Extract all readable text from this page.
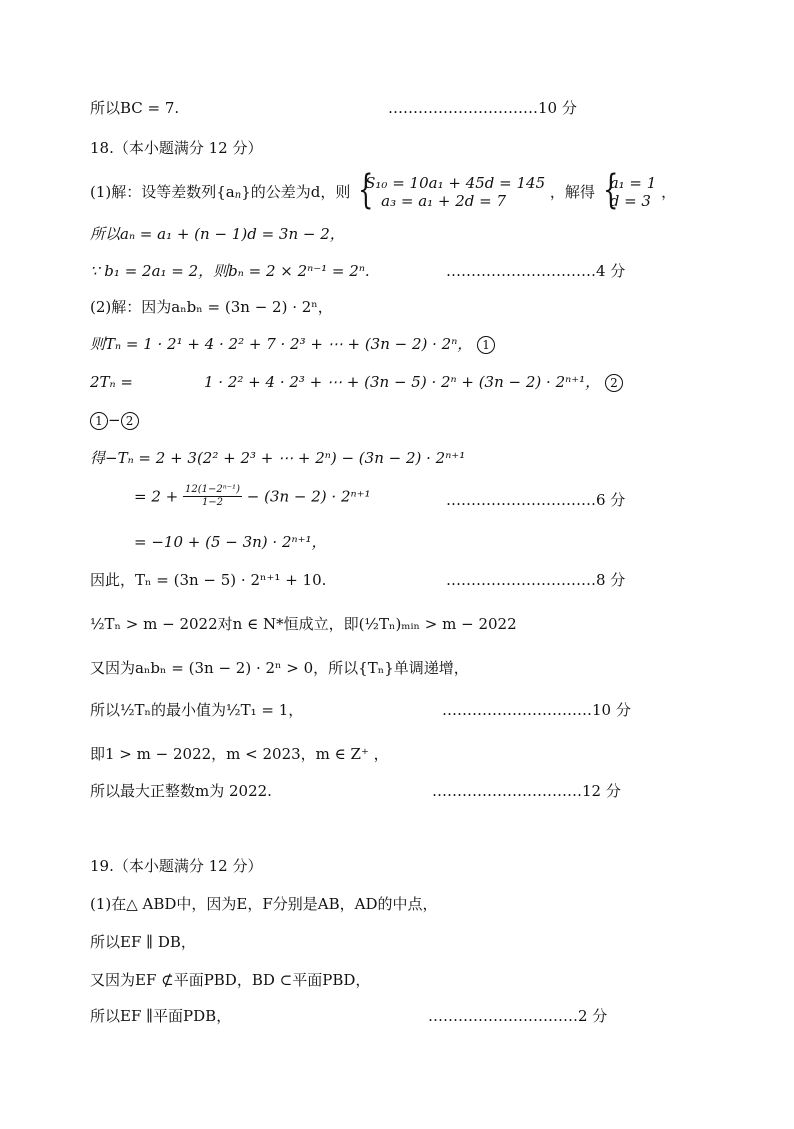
所以BC = 7.	…………………………10 分
18.（本小题满分 12 分）
(1)解：设等差数列$\{a_n\}$的公差为d，则 { S₁₀ = 10a₁ + 45d = 145
a₃ = a₁ + 2d = 7	，解得 { a₁ = 1
d = 3 ，
所以aₙ = a₁ + (n − 1)d = 3n − 2，
∵ b₁ = 2a₁ = 2，则bₙ = 2 × 2ⁿ⁻¹ = 2ⁿ.	…………………………4 分
(2)解：因为aₙbₙ = (3n − 2) · 2ⁿ，
则Tₙ = 1 · 2¹ + 4 · 2² + 7 · 2³ + ⋯ + (3n − 2) · 2ⁿ， 1
2Tₙ =	1 · 2² + 4 · 2³ + ⋯ + (3n − 5) · 2ⁿ + (3n − 2) · 2ⁿ⁺¹， 2
1 − 2
得−Tₙ = 2 + 3(2² + 2³ + ⋯ + 2ⁿ) − (3n − 2) · 2ⁿ⁺¹
= $2 + \frac{\text{12(1−2ⁿ⁻¹)}}{1-2} - (3n - 2) \cdot 2^{n+1}$	…………………………6 分
= −10 + (5 − 3n) · 2ⁿ⁺¹，
因此，Tₙ = (3n − 5) · 2ⁿ⁺¹ + 10.	…………………………8 分
½Tₙ > m − 2022对n ∈ N*恒成立，即(½Tₙ)ₘᵢₙ > m − 2022
又因为aₙbₙ = (3n − 2) · 2ⁿ > 0，所以{Tₙ}单调递增，
所以½Tₙ的最小值为½T₁ = 1，	…………………………10 分
即1 > m − 2022，m < 2023，m ∈ Z⁺ ，
所以最大正整数m为 2022.	…………………………12 分
19.（本小题满分 12 分）
(1)在△ ABD中，因为E，F分别是AB，AD的中点，
所以EF ∥ DB，
又因为EF ⊄平面PBD，BD ⊂平面PBD，
所以EF ∥平面PDB，	…………………………2 分
